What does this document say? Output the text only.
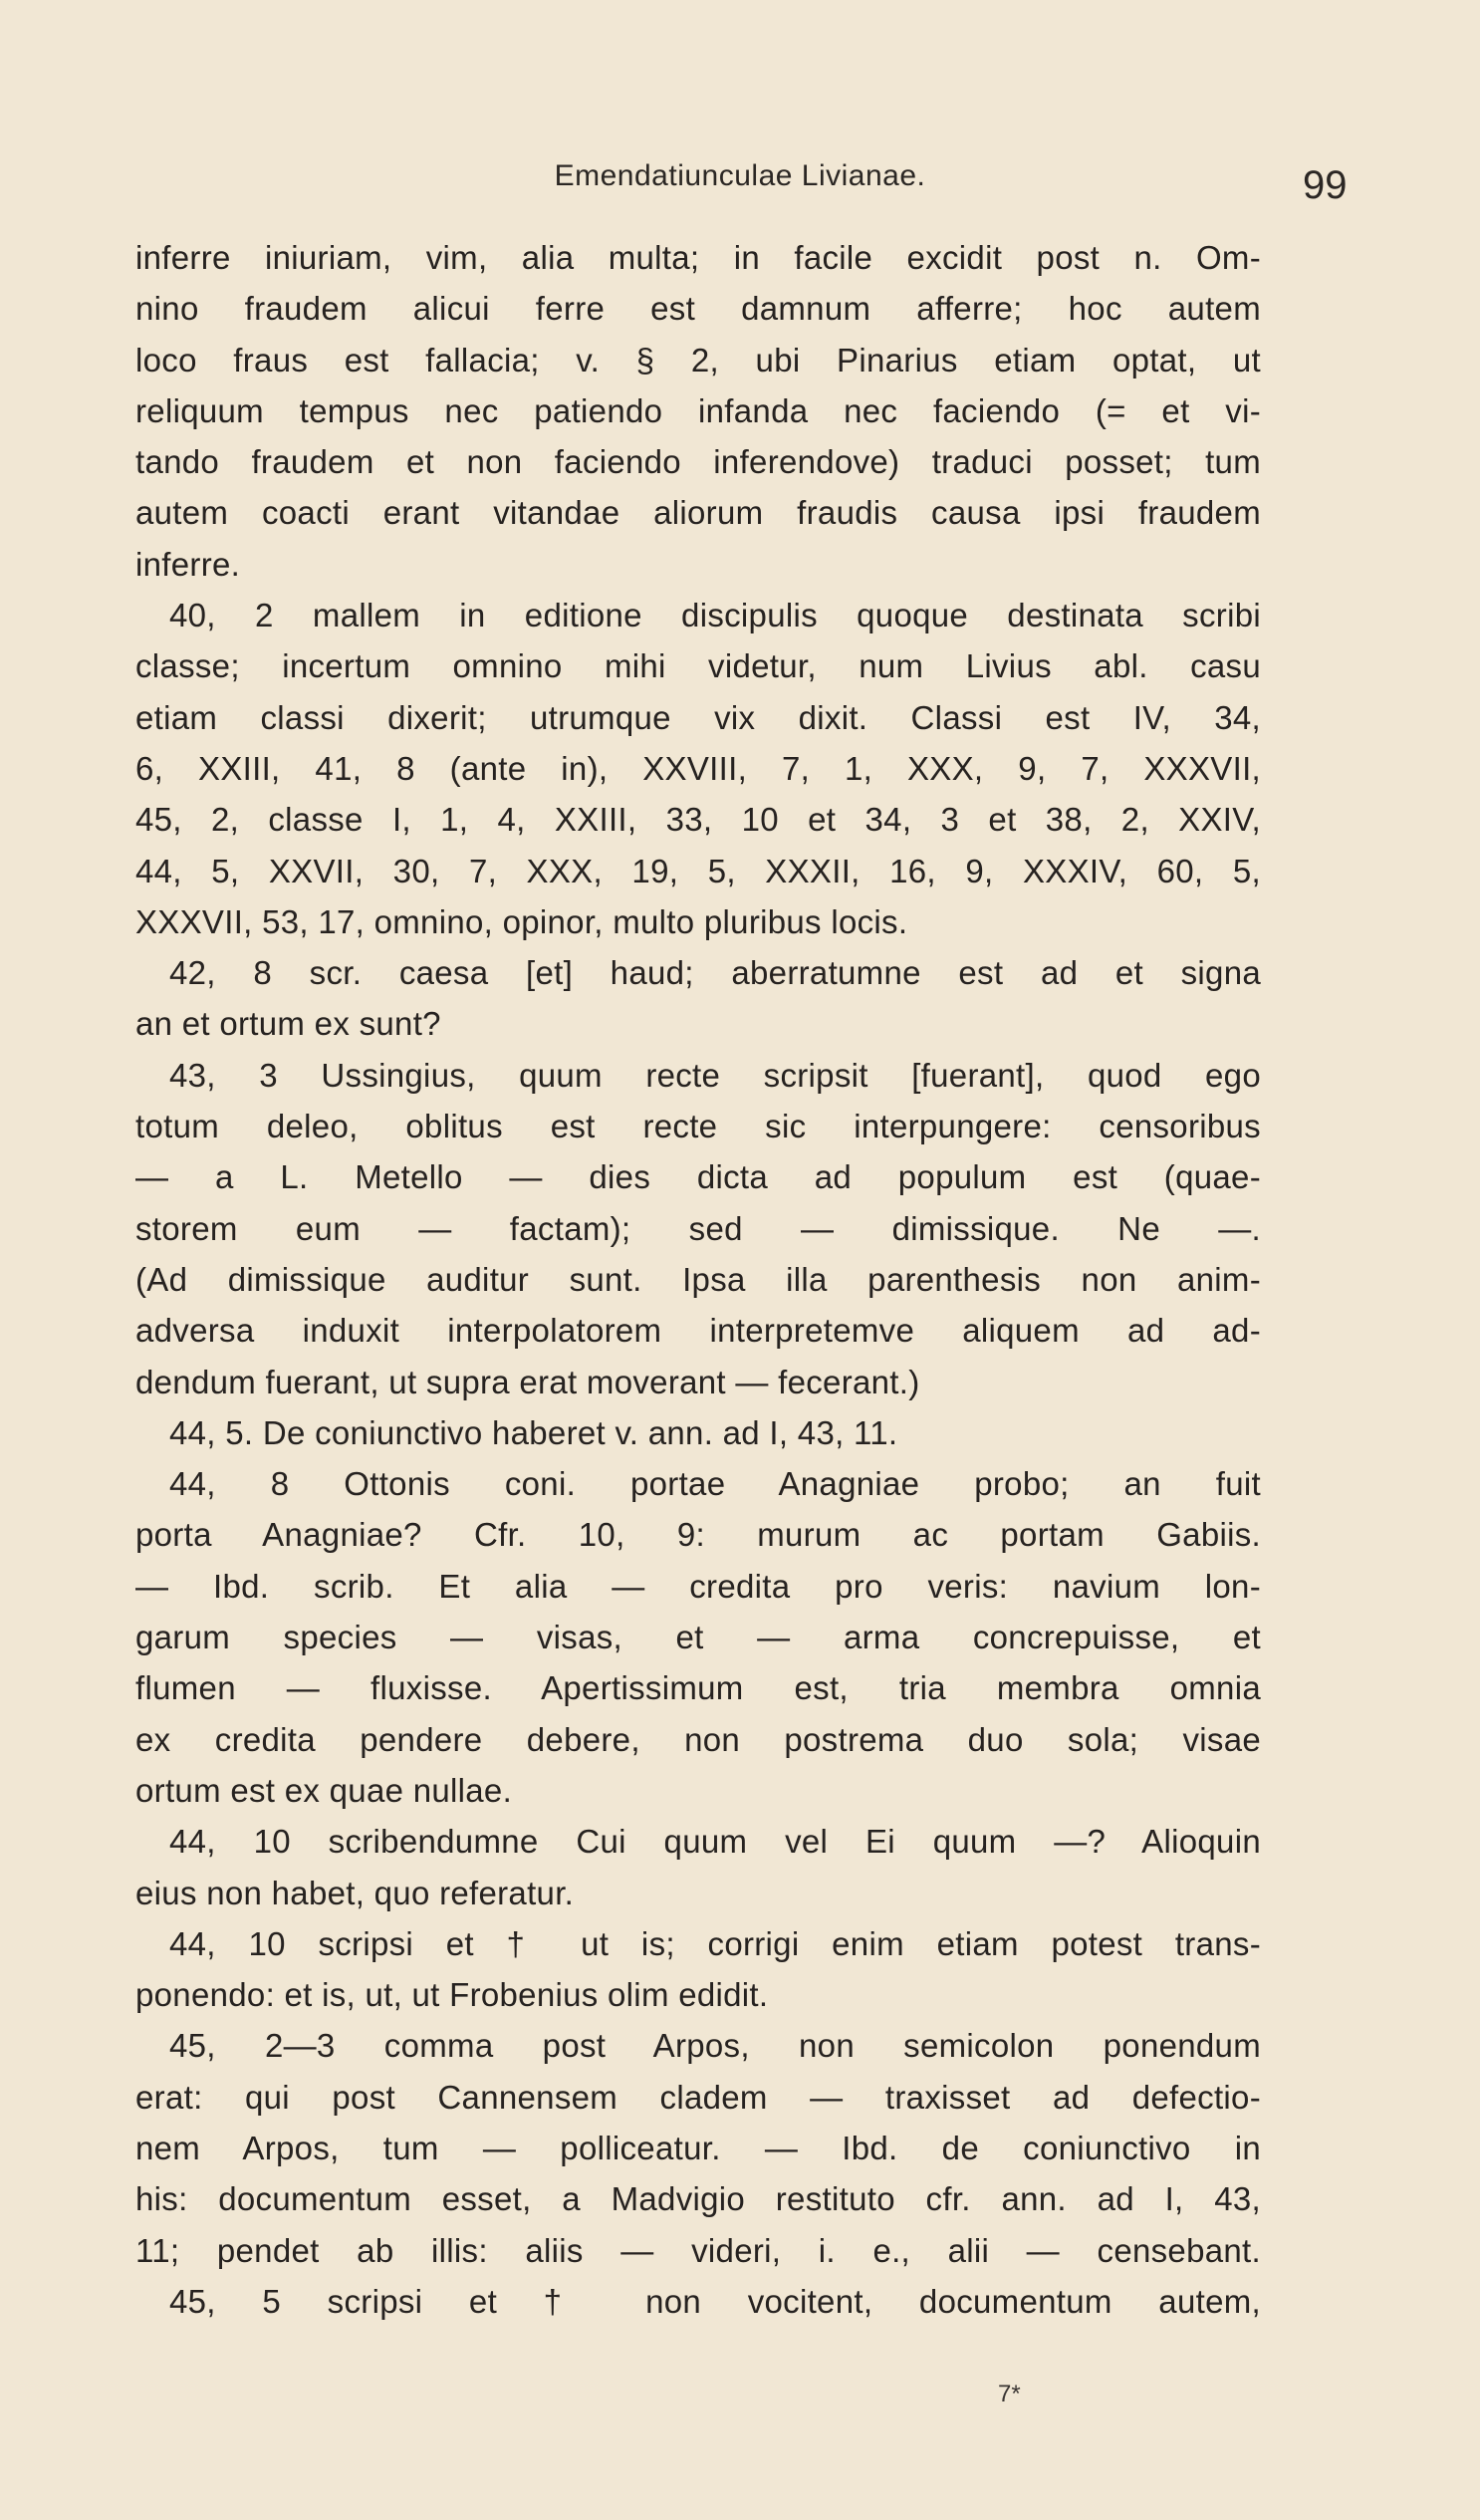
Emendatiunculae Livianae.	99
inferre iniuriam, vim, alia multa; in facile excidit post n. Om-
nino fraudem alicui ferre est damnum afferre; hoc autem
loco fraus est fallacia; v. § 2, ubi Pinarius etiam optat, ut
reliquum tempus nec patiendo infanda nec faciendo (= et vi-
tando fraudem et non faciendo inferendove) traduci posset; tum
autem coacti erant vitandae aliorum fraudis causa ipsi fraudem
inferre.
40, 2 mallem in editione discipulis quoque destinata scribi
classe; incertum omnino mihi videtur, num Livius abl. casu
etiam classi dixerit; utrumque vix dixit. Classi est IV, 34,
6, XXIII, 41, 8 (ante in), XXVIII, 7, 1, XXX, 9, 7, XXXVII,
45, 2, classe I, 1, 4, XXIII, 33, 10 et 34, 3 et 38, 2, XXIV,
44, 5, XXVII, 30, 7, XXX, 19, 5, XXXII, 16, 9, XXXIV, 60, 5,
XXXVII, 53, 17, omnino, opinor, multo pluribus locis.
42, 8 scr. caesa [et] haud; aberratumne est ad et signa
an et ortum ex sunt?
43, 3 Ussingius, quum recte scripsit [fuerant], quod ego
totum deleo, oblitus est recte sic interpungere: censoribus
— a L. Metello — dies dicta ad populum est (quae-
storem eum — factam); sed — dimissique. Ne —.
(Ad dimissique auditur sunt. Ipsa illa parenthesis non anim-
adversa induxit interpolatorem interpretemve aliquem ad ad-
dendum fuerant, ut supra erat moverant — fecerant.)
44, 5. De coniunctivo haberet v. ann. ad I, 43, 11.
44, 8 Ottonis coni. portae Anagniae probo; an fuit
porta Anagniae? Cfr. 10, 9: murum ac portam Gabiis.
— Ibd. scrib. Et alia — credita pro veris: navium lon-
garum species — visas, et — arma concrepuisse, et
flumen — fluxisse. Apertissimum est, tria membra omnia
ex credita pendere debere, non postrema duo sola; visae
ortum est ex quae nullae.
44, 10 scribendumne Cui quum vel Ei quum —? Alioquin
eius non habet, quo referatur.
44, 10 scripsi et † ut is; corrigi enim etiam potest trans-
ponendo: et is, ut, ut Frobenius olim edidit.
45, 2—3 comma post Arpos, non semicolon ponendum
erat: qui post Cannensem cladem — traxisset ad defectio-
nem Arpos, tum — polliceatur. — Ibd. de coniunctivo in
his: documentum esset, a Madvigio restituto cfr. ann. ad I, 43,
11; pendet ab illis: aliis — videri, i. e., alii — censebant.
45, 5 scripsi et † non vocitent, documentum autem,
7*
